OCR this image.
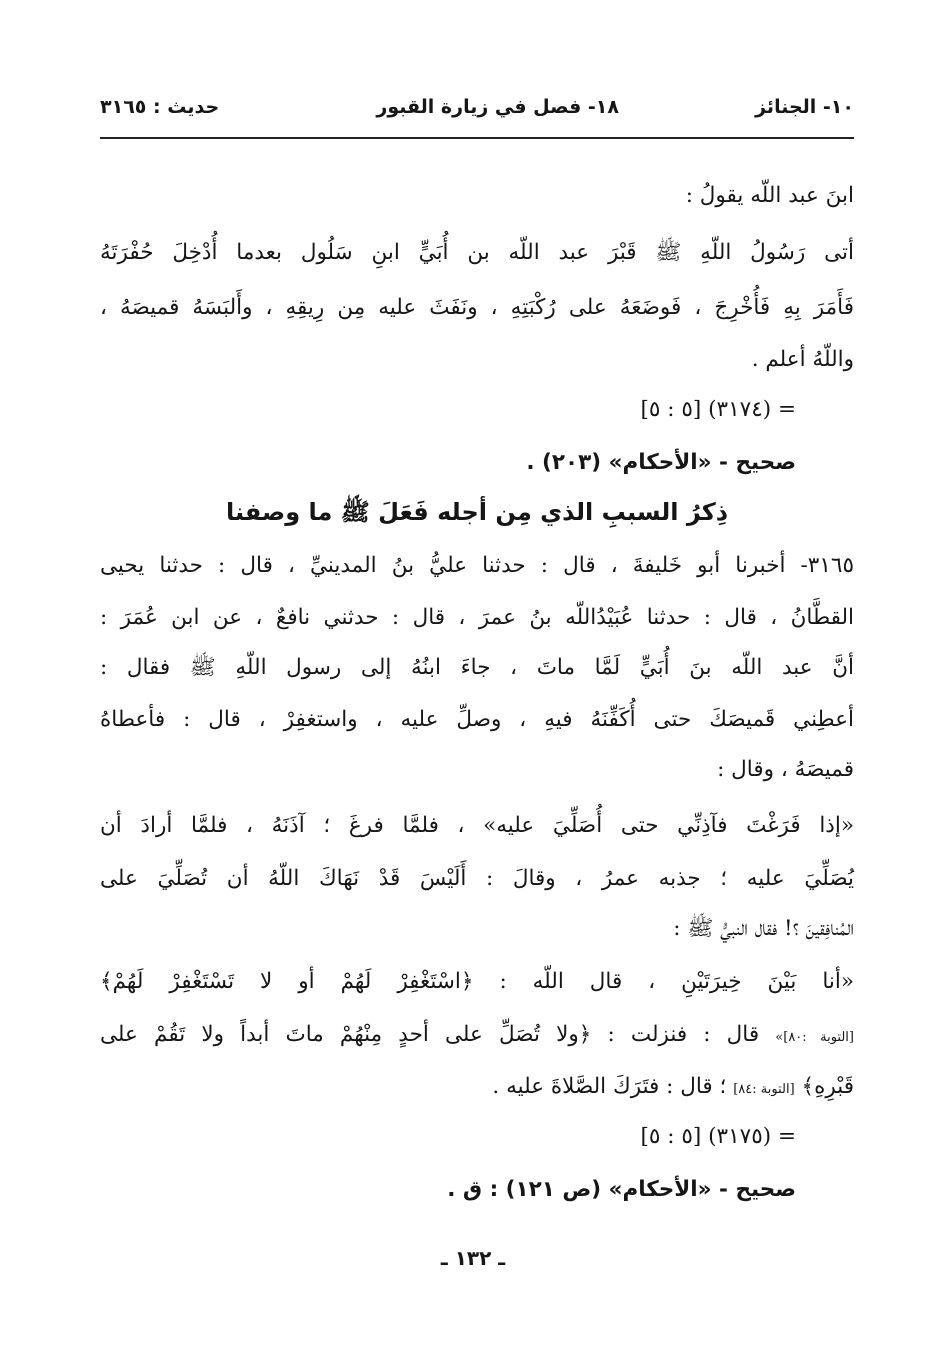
١٠- الجنائز
١٨- فصل في زيارة القبور
حديث : ٣١٦٥
ابنَ عبد اللّه يقولُ :
أتى رَسُولُ اللّهِ ﷺ قَبْرَ عبد اللّه بن أُبَيٍّ ابنِ سَلُول بعدما أُدْخِلَ حُفْرَتَهُ
فَأَمَرَ بِهِ فَأُخْرِجَ ، فَوضَعَهُ على رُكْبَتِهِ ، ونَفَثَ عليه مِن رِيقِهِ ، وأَلبَسَهُ قميصَهُ ،
واللّهُ أعلم .
= (٣١٧٤) [٥ : ٥]
صحيح - «الأحكام» (٢٠٣) .
ذِكرُ السببِ الذي مِن أجله فَعَلَ ﷺ ما وصفنا
٣١٦٥- أخبرنا أبو خَليفةَ ، قال : حدثنا عليُّ بنُ المدينيِّ ، قال : حدثنا يحيى
القطَّانُ ، قال : حدثنا عُبَيْدُاللّه بنُ عمرَ ، قال : حدثني نافعٌ ، عن ابن عُمَرَ :
أنَّ عبد اللّه بنَ أُبَيٍّ لَمَّا ماتَ ، جاءَ ابنُهُ إلى رسول اللّهِ ﷺ فقال :
أعطِني قَميصَكَ حتى أُكَفِّنَهُ فيهِ ، وصلِّ عليه ، واستغفِرْ ، قال : فأعطاهُ
قميصَهُ ، وقال :
«إذا فَرَغْتَ فآذِنِّي حتى أُصَلِّيَ عليه» ، فلمَّا فرغَ ؛ آذَنَهُ ، فلمَّا أرادَ أن
يُصَلِّيَ عليه ؛ جذبه عمرُ ، وقالَ : أَلَيْسَ قَدْ نَهَاكَ اللّهُ أن تُصَلِّيَ على
المُنافِقينَ ؟! فقال النبيُّ ﷺ :
«أنا بَيْنَ خِيرَتَيْنِ ، قال اللّه : ﴿اسْتَغْفِرْ لَهُمْ أو لا تَسْتَغْفِرْ لَهُمْ﴾
[التوبة :٨٠]» قال : فنزلت : ﴿ولا تُصَلِّ على أحدٍ مِنْهُمْ ماتَ أبداً ولا تَقُمْ على
قَبْرِهِ﴾ [التوبة :٨٤] ؛ قال : فتَرَكَ الصَّلاةَ عليه .
= (٣١٧٥) [٥ : ٥]
صحيح - «الأحكام» (ص ١٢١) : ق .
ـ ١٣٢ ـ
